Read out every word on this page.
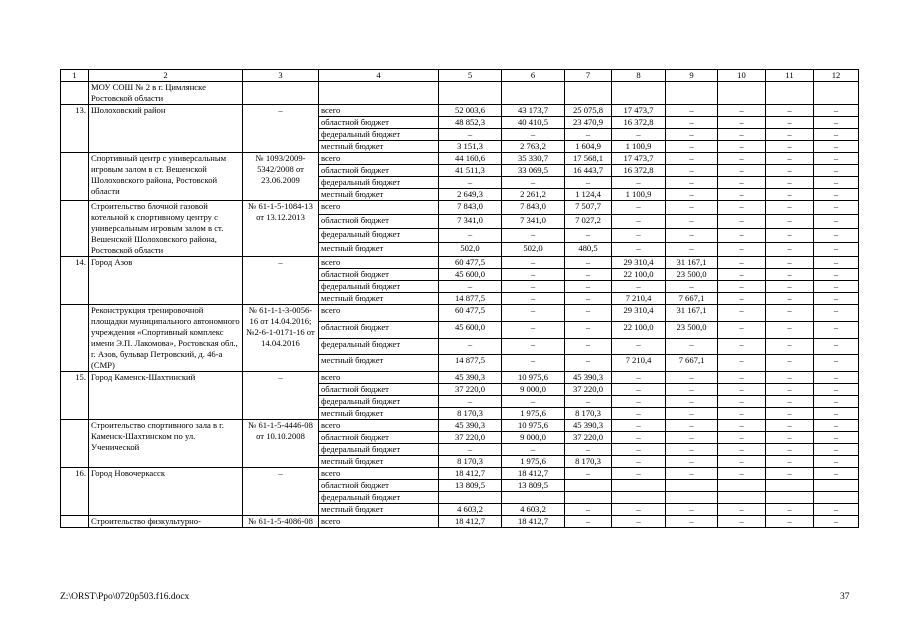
1	2	3	4	5	6	7	8	9	10	11	12
	МОУ СОШ № 2 в г. Цимлянске Ростовской области										
13.	Шолоховский район	–	всего	52 003,6	43 173,7	25 075,8	17 473,7	–	–	–	–
			областной бюджет	48 852,3	40 410,5	23 470,9	16 372,8	–	–	–	–
			федеральный бюджет	–	–	–	–	–	–	–	–
			местный бюджет	3 151,3	2 763,2	1 604,9	1 100,9	–	–	–	–
	Спортивный центр с универсальным игровым залом в ст. Вешенской Шолоховского района, Ростовской области	№ 1093/2009-5342/2008 от 23.06.2009	всего	44 160,6	35 330,7	17 568,1	17 473,7	–	–	–	–
			областной бюджет	41 511,3	33 069,5	16 443,7	16 372,8	–	–	–	–
			федеральный бюджет	–	–	–	–	–	–	–	–
			местный бюджет	2 649,3	2 261,2	1 124,4	1 100,9	–	–	–	–
	Строительство блочной газовой котельной к спортивному центру с универсальным игровым залом в ст. Вешенской Шолоховского района, Ростовской области	№ 61-1-5-1084-13 от 13.12.2013	всего	7 843,0	7 843,0	7 507,7	–	–	–	–	–
			областной бюджет	7 341,0	7 341,0	7 027,2	–	–	–	–	–
			федеральный бюджет	–	–	–	–	–	–	–	–
			местный бюджет	502,0	502,0	480,5	–	–	–	–	–
14.	Город Азов	–	всего	60 477,5	–	–	29 310,4	31 167,1	–	–	–
			областной бюджет	45 600,0	–	–	22 100,0	23 500,0	–	–	–
			федеральный бюджет	–	–	–	–	–	–	–	–
			местный бюджет	14 877,5	–	–	7 210,4	7 667,1	–	–	–
	Реконструкция тренировочной площадки муниципального автономного учреждения «Спортивный комплекс имени Э.П. Лакомова», Ростовская обл., г. Азов, бульвар Петровский, д. 46-а (СМР)	№ 61-1-1-3-0056-16 от 14.04.2016; №2-6-1-0171-16 от 14.04.2016	всего	60 477,5	–	–	29 310,4	31 167,1	–	–	–
			областной бюджет	45 600,0	–	–	22 100,0	23 500,0	–	–	–
			федеральный бюджет	–	–	–	–	–	–	–	–
			местный бюджет	14 877,5	–	–	7 210,4	7 667,1	–	–	–
15.	Город Каменск-Шахтинский	–	всего	45 390,3	10 975,6	45 390,3	–	–	–	–	–
			областной бюджет	37 220,0	9 000,0	37 220,0	–	–	–	–	–
			федеральный бюджет	–	–	–	–	–	–	–	–
			местный бюджет	8 170,3	1 975,6	8 170,3	–	–	–	–	–
	Строительство спортивного зала в г. Каменск-Шахтинском по ул. Ученической	№ 61-1-5-4446-08 от 10.10.2008	всего	45 390,3	10 975,6	45 390,3	–	–	–	–	–
			областной бюджет	37 220,0	9 000,0	37 220,0	–	–	–	–	–
			федеральный бюджет	–	–	–	–	–	–	–	–
			местный бюджет	8 170,3	1 975,6	8 170,3	–	–	–	–	–
16.	Город Новочеркасск	–	всего	18 412,7	18 412,7	–	–	–	–	–	–
			областной бюджет	13 809,5	13 809,5						
			федеральный бюджет								
			местный бюджет	4 603,2	4 603,2	–	–	–	–	–	–
	Строительство физкультурно-	№ 61-1-5-4086-08	всего	18 412,7	18 412,7	–	–	–	–	–	–
Z:\ORST\Ppo\0720p503.f16.docx	37
